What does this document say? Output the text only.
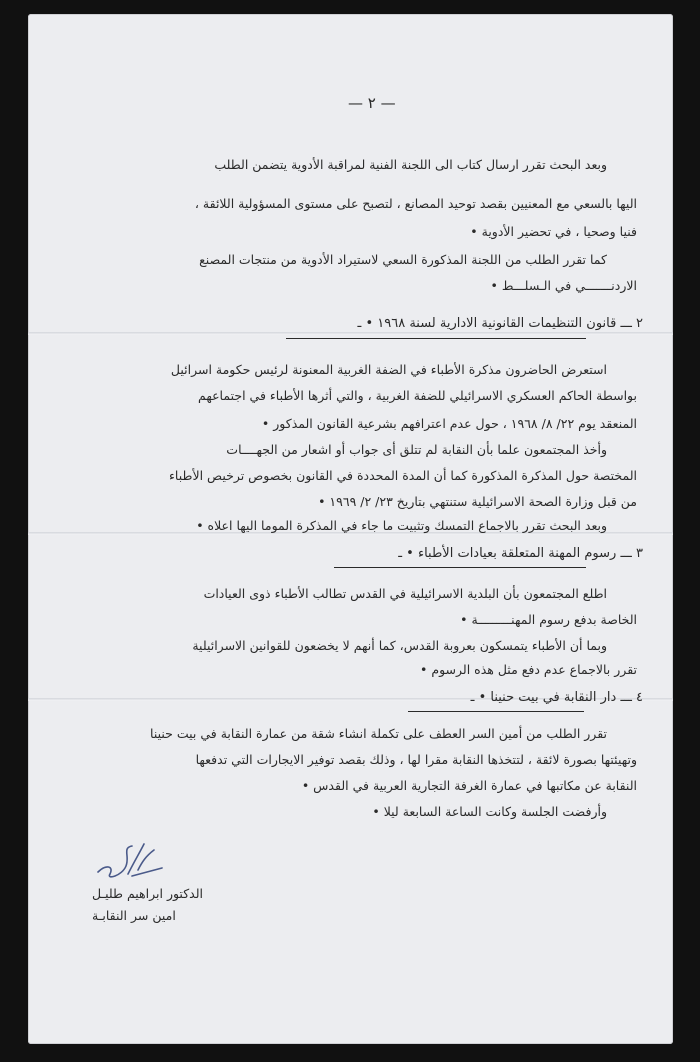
— ٢ —
وبعد البحث تقرر ارسال كتاب الى اللجنة الفنية لمراقبة الأدوية يتضمن الطلب
اليها بالسعي مع المعنيين بقصد توحيد المصانع ، لتصبح على مستوى المسؤولية اللائقة ،
فنيا وصحيا ، في تحضير الأدوية •
كما تقرر الطلب من اللجنة المذكورة السعي لاستيراد الأدوية من منتجات المصنع
الاردنـــــــي في الـسلـــط •
٢ ـــ قانون التنظيمات القانونية الادارية لسنة ١٩٦٨ • ـ
استعرض الحاضرون مذكرة الأطباء في الضفة الغربية المعنونة لرئيس حكومة اسرائيل
بواسطة الحاكم العسكري الاسرائيلي للضفة الغربية ، والتي أثرها الأطباء في اجتماعهم
المنعقد يوم ٢٢/ ٨/ ١٩٦٨ ، حول عدم اعترافهم بشرعية القانون المذكور •
وأخذ المجتمعون علما بأن النقابة لم تتلق أى جواب أو اشعار من الجهــــات
المختصة حول المذكرة المذكورة كما أن المدة المحددة في القانون بخصوص ترخيص الأطباء
من قبل وزارة الصحة الاسرائيلية ستنتهي بتاريخ ٢٣/ ٢/ ١٩٦٩ •
وبعد البحث تقرر بالاجماع التمسك وتثبيت ما جاء في المذكرة الموما اليها اعلاه •
٣ ـــ رسوم المهنة المتعلقة بعيادات الأطباء • ـ
اطلع المجتمعون بأن البلدية الاسرائيلية في القدس تطالب الأطباء ذوى العيادات
الخاصة بدفع رسوم المهنـــــــــة •
وبما أن الأطباء يتمسكون بعروبة القدس، كما أنهم لا يخضعون للقوانين الاسرائيلية
تقرر بالاجماع عدم دفع مثل هذه الرسوم •
٤ ـــ دار النقابة في بيت حنينا • ـ
تقرر الطلب من أمين السر العطف على تكملة انشاء شقة من عمارة النقابة في بيت حنينا
وتهيئتها بصورة لائقة ، لتتخذها النقابة مقرا لها ، وذلك بقصد توفير الايجارات التي تدفعها
النقابة عن مكاتبها في عمارة الغرفة التجارية العربية في القدس •
وأرفضت الجلسة وكانت الساعة السابعة ليلا •
الدكتور ابراهيم طليـل
امين سر النقابـة
